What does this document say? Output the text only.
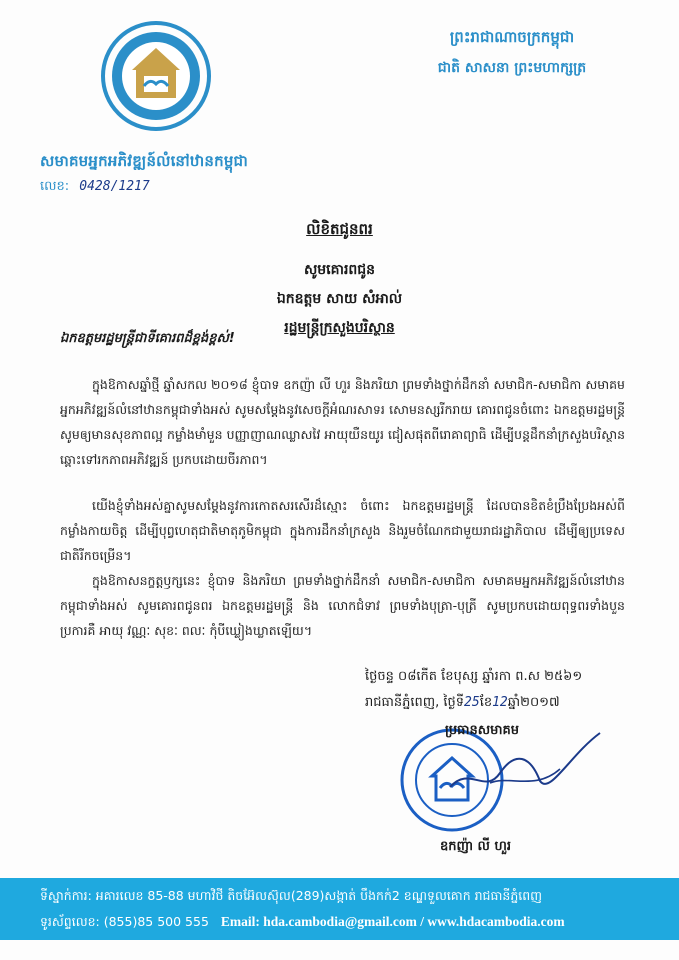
សមាគមអ្នកអភិវឌ្ឍន៍លំនៅឋានកម្ពុជា
លេខ: 0428/1217
ព្រះរាជាណាចក្រកម្ពុជា
ជាតិ សាសនា ព្រះមហាក្សត្រ
លិខិតជូនពរ
សូមគោរពជូន
ឯកឧត្តម សាយ សំអាល់
រដ្ឋមន្ត្រីក្រសួងបរិស្ថាន
ឯកឧត្តមរដ្ឋមន្ត្រីជាទីគោរពដ៏ខ្ពង់ខ្ពស់!

ក្នុងឱកាសឆ្នាំថ្មី ឆ្នាំសកល ២០១៨ ខ្ញុំបាទ ឧកញ៉ា លី ហួរ និងភរិយា ព្រមទាំងថ្នាក់ដឹកនាំ សមាជិក-សមាជិកា សមាគមអ្នកអភិវឌ្ឍន៍លំនៅឋានកម្ពុជាទាំងអស់ សូមសម្ដែងនូវសេចក្ដីអំណរសាទរ សោមនស្សរីករាយ គោរពជូនចំពោះ ឯកឧត្តមរដ្ឋមន្ត្រី សូមឲ្យមានសុខភាពល្អ កម្លាំងមាំមួន បញ្ញាញាណឈ្លាសវៃ អាយុយឺនយូរ ជៀសផុតពីរោគាព្យាធិ ដើម្បីបន្តដឹកនាំក្រសួងបរិស្ថាន ឆ្ពោះទៅរកភាពអភិវឌ្ឍន៍ ប្រកបដោយចីរភាព។

យើងខ្ញុំទាំងអស់គ្នាសូមសម្ដែងនូវការកោតសរសើរដ៏ស្មោះ ចំពោះ ឯកឧត្តមរដ្ឋមន្ត្រី ដែលបានខិតខំប្រឹងប្រែងអស់ពីកម្លាំងកាយចិត្ត ដើម្បីបុព្វហេតុជាតិមាតុភូមិកម្ពុជា ក្នុងការដឹកនាំក្រសួង និងរួមចំណែកជាមួយរាជរដ្ឋាភិបាល ដើម្បីឲ្យប្រទេសជាតិរីកចម្រើន។

ក្នុងឱកាសនក្ខត្តឫក្សនេះ ខ្ញុំបាទ និងភរិយា ព្រមទាំងថ្នាក់ដឹកនាំ សមាជិក-សមាជិកា សមាគមអ្នកអភិវឌ្ឍន៍លំនៅឋានកម្ពុជាទាំងអស់ សូមគោរពជូនពរ ឯកឧត្តមរដ្ឋមន្ត្រី និង លោកជំទាវ ព្រមទាំងបុត្រា-បុត្រី សូមប្រកបដោយពុទ្ធពរទាំងបួនប្រការគឺ អាយុ វណ្ណៈ សុខៈ ពលៈ កុំបីឃ្លៀងឃ្លាតឡើយ។

ថ្ងៃចន្ទ ០៨កើត ខែបុស្ស ឆ្នាំរកា ព.ស ២៥៦១
រាជធានីភ្នំពេញ, ថ្ងៃទី25ខែ12ឆ្នាំ២០១៧
ប្រធានសមាគម
ឧកញ៉ា លី ហួរ
ទីស្នាក់ការ: អគារលេខ 85-88 មហាវិថី តិចអ៊ែលស៊ុល(289)សង្កាត់ បឹងកក់2 ខណ្ឌទួលគោក រាជធានីភ្នំពេញ
ទូរស័ព្ទលេខ: (855)85 500 555 Email: hda.cambodia@gmail.com / www.hdacambodia.com
